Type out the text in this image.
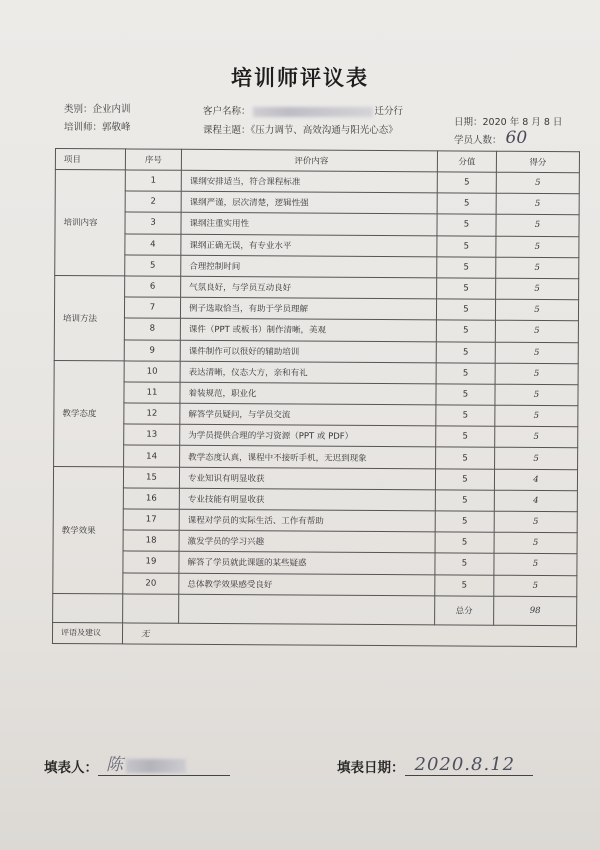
培训师评议表
类别：企业内训
培训师：郭敬峰
客户名称：	迁分行
课程主题：《压力调节、高效沟通与阳光心态》
日期：2020 年 8 月 8 日
学员人数： 60
项目	序号	评价内容	分值	得分
培训内容	1	课纲安排适当，符合课程标准	5	5
	2	课纲严谨，层次清楚，逻辑性强	5	5
	3	课纲注重实用性	5	5
	4	课纲正确无误，有专业水平	5	5
	5	合理控制时间	5	5
培训方法	6	气氛良好，与学员互动良好	5	5
	7	例子选取恰当，有助于学员理解	5	5
	8	课件（PPT 或板书）制作清晰，美观	5	5
	9	课件制作可以很好的辅助培训	5	5
教学态度	10	表达清晰，仪态大方，亲和有礼	5	5
	11	着装规范，职业化	5	5
	12	解答学员疑问，与学员交流	5	5
	13	为学员提供合理的学习资源（PPT 或 PDF）	5	5
	14	教学态度认真，课程中不接听手机，无迟到现象	5	5
教学效果	15	专业知识有明显收获	5	4
	16	专业技能有明显收获	5	4
	17	课程对学员的实际生活、工作有帮助	5	5
	18	激发学员的学习兴趣	5	5
	19	解答了学员就此课题的某些疑惑	5	5
	20	总体教学效果感受良好	5	5
			总分	98
评语及建议	无			
填表人： 陈	填表日期： 2020.8.12
